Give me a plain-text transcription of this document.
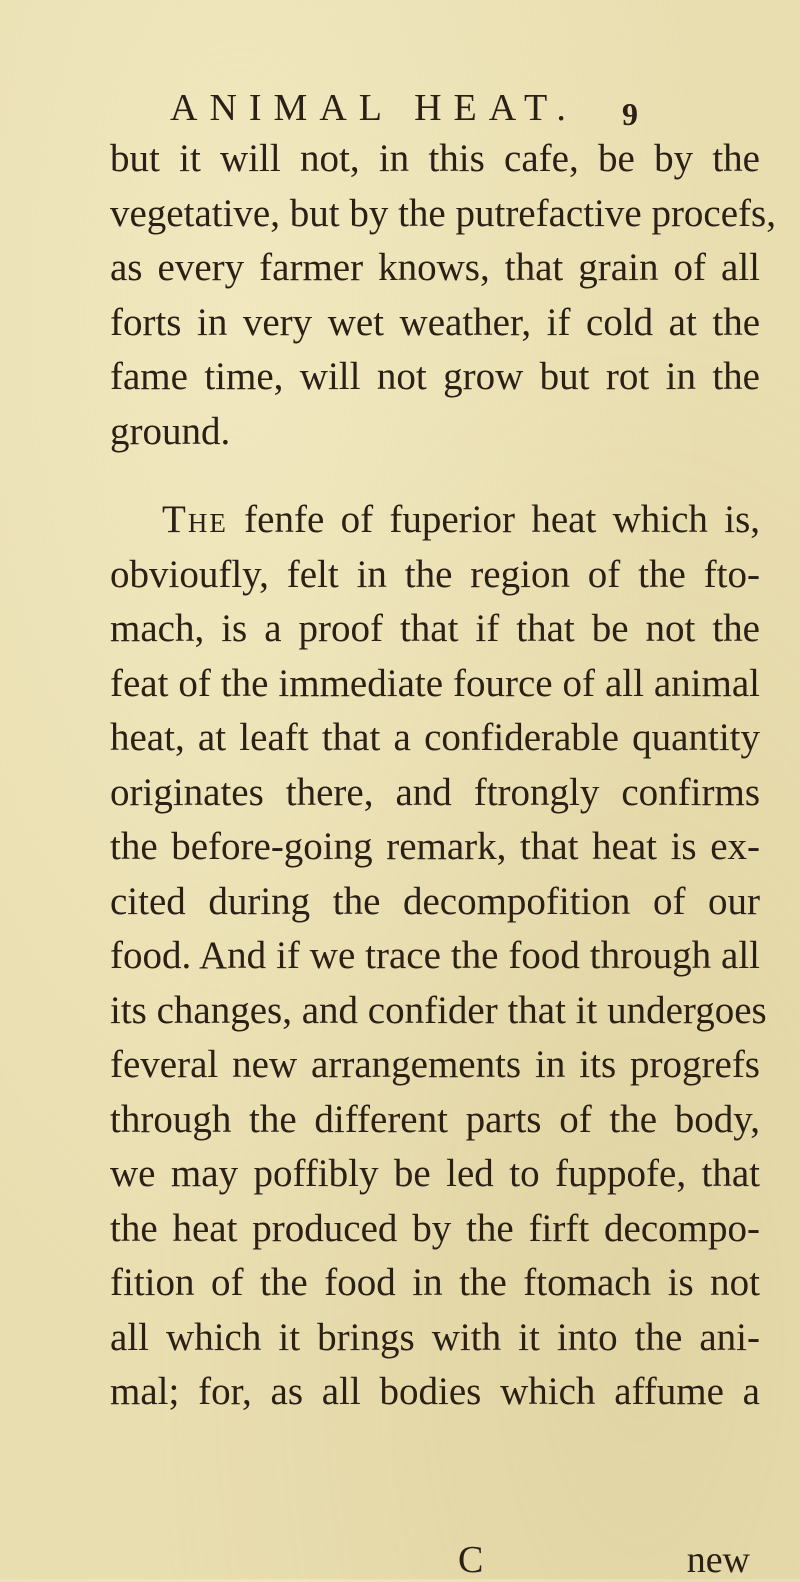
ANIMAL HEAT. 9
but it will not, in this cafe, be by the
vegetative, but by the putrefactive procefs,
as every farmer knows, that grain of all
forts in very wet weather, if cold at the
fame time, will not grow but rot in the
ground.
The fenfe of fuperior heat which is,
obvioufly, felt in the region of the fto-
mach, is a proof that if that be not the
feat of the immediate fource of all animal
heat, at leaft that a confiderable quantity
originates there, and ftrongly confirms
the before-going remark, that heat is ex-
cited during the decompofition of our
food. And if we trace the food through all
its changes, and confider that it undergoes
feveral new arrangements in its progrefs
through the different parts of the body,
we may poffibly be led to fuppofe, that
the heat produced by the firft decompo-
fition of the food in the ftomach is not
all which it brings with it into the ani-
mal; for, as all bodies which affume a
C	new
